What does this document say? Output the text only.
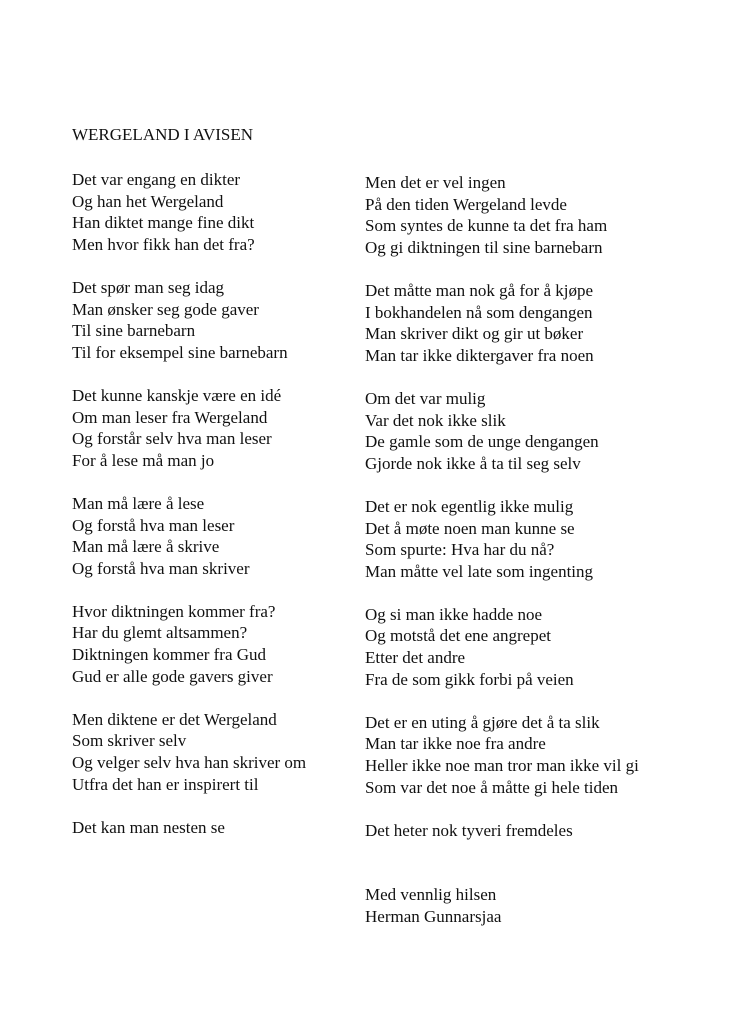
WERGELAND I AVISEN
Det var engang en dikter
Og han het Wergeland
Han diktet mange fine dikt
Men hvor fikk han det fra?
Det spør man seg idag
Man ønsker seg gode gaver
Til sine barnebarn
Til for eksempel sine barnebarn
Det kunne kanskje være en idé
Om man leser fra Wergeland
Og forstår selv hva man leser
For å lese må man jo
Man må lære å lese
Og forstå hva man leser
Man må lære å skrive
Og forstå hva man skriver
Hvor diktningen kommer fra?
Har du glemt altsammen?
Diktningen kommer fra Gud
Gud er alle gode gavers giver
Men diktene er det Wergeland
Som skriver selv
Og velger selv hva han skriver om
Utfra det han er inspirert til
Det kan man nesten se
Men det er vel ingen
På den tiden Wergeland levde
Som syntes de kunne ta det fra ham
Og gi diktningen til sine barnebarn
Det måtte man nok gå for å kjøpe
I bokhandelen nå som dengangen
Man skriver dikt og gir ut bøker
Man tar ikke diktergaver fra noen
Om det var mulig
Var det nok ikke slik
De gamle som de unge dengangen
Gjorde nok ikke å ta til seg selv
Det er nok egentlig ikke mulig
Det å møte noen man kunne se
Som spurte: Hva har du nå?
Man måtte vel late som ingenting
Og si man ikke hadde noe
Og motstå det ene angrepet
Etter det andre
Fra de som gikk forbi på veien
Det er en uting å gjøre det å ta slik
Man tar ikke noe fra andre
Heller ikke noe man tror man ikke vil gi
Som var det noe å måtte gi hele tiden
Det heter nok tyveri fremdeles
Med vennlig hilsen
Herman Gunnarsjaa
